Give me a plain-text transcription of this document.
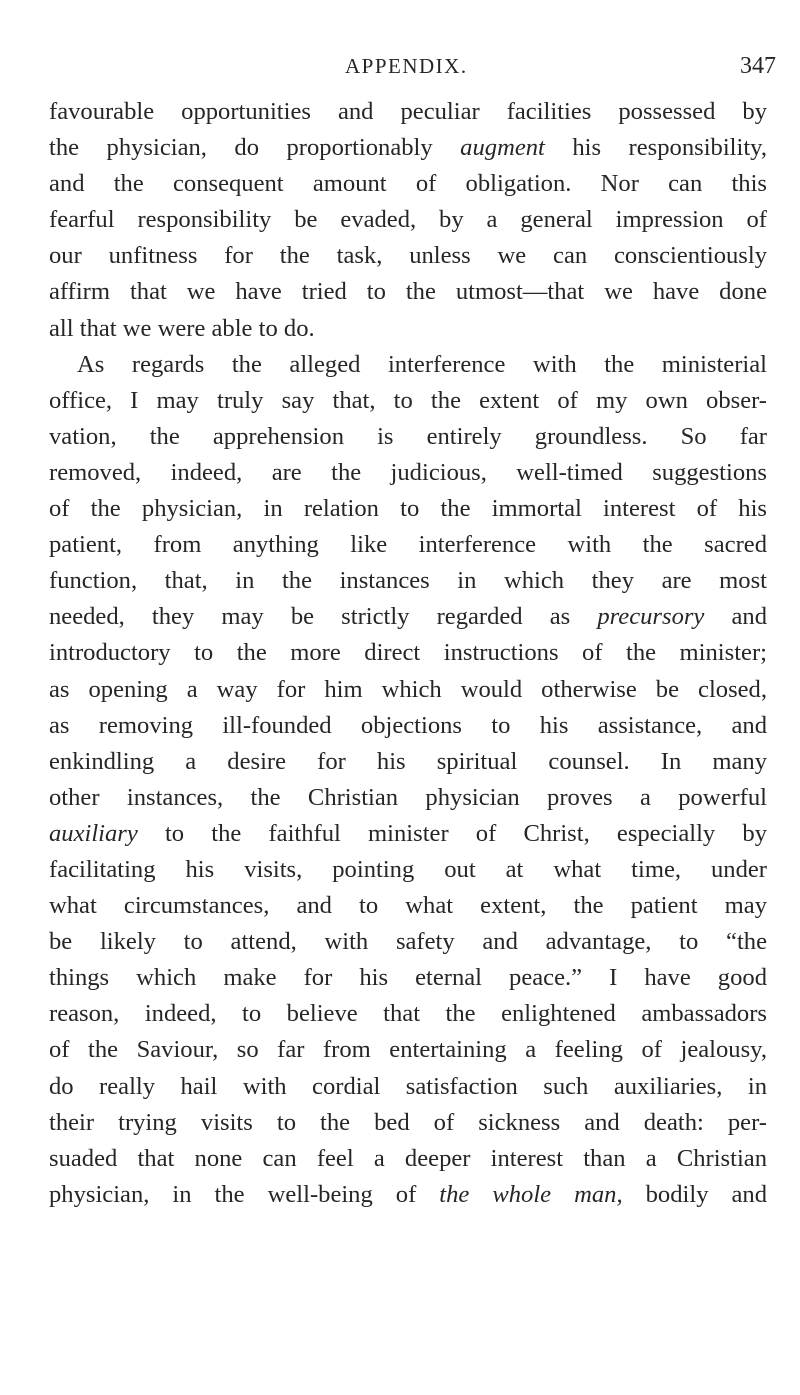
APPENDIX.	347
favourable opportunities and peculiar facilities possessed by
the physician, do proportionably augment his responsibility,
and the consequent amount of obligation. Nor can this
fearful responsibility be evaded, by a general impression of
our unfitness for the task, unless we can conscientiously
affirm that we have tried to the utmost—that we have done
all that we were able to do.
As regards the alleged interference with the ministerial
office, I may truly say that, to the extent of my own obser-
vation, the apprehension is entirely groundless. So far
removed, indeed, are the judicious, well-timed suggestions
of the physician, in relation to the immortal interest of his
patient, from anything like interference with the sacred
function, that, in the instances in which they are most
needed, they may be strictly regarded as precursory and
introductory to the more direct instructions of the minister;
as opening a way for him which would otherwise be closed,
as removing ill-founded objections to his assistance, and
enkindling a desire for his spiritual counsel. In many
other instances, the Christian physician proves a powerful
auxiliary to the faithful minister of Christ, especially by
facilitating his visits, pointing out at what time, under
what circumstances, and to what extent, the patient may
be likely to attend, with safety and advantage, to “the
things which make for his eternal peace.” I have good
reason, indeed, to believe that the enlightened ambassadors
of the Saviour, so far from entertaining a feeling of jealousy,
do really hail with cordial satisfaction such auxiliaries, in
their trying visits to the bed of sickness and death: per-
suaded that none can feel a deeper interest than a Christian
physician, in the well-being of the whole man, bodily and
